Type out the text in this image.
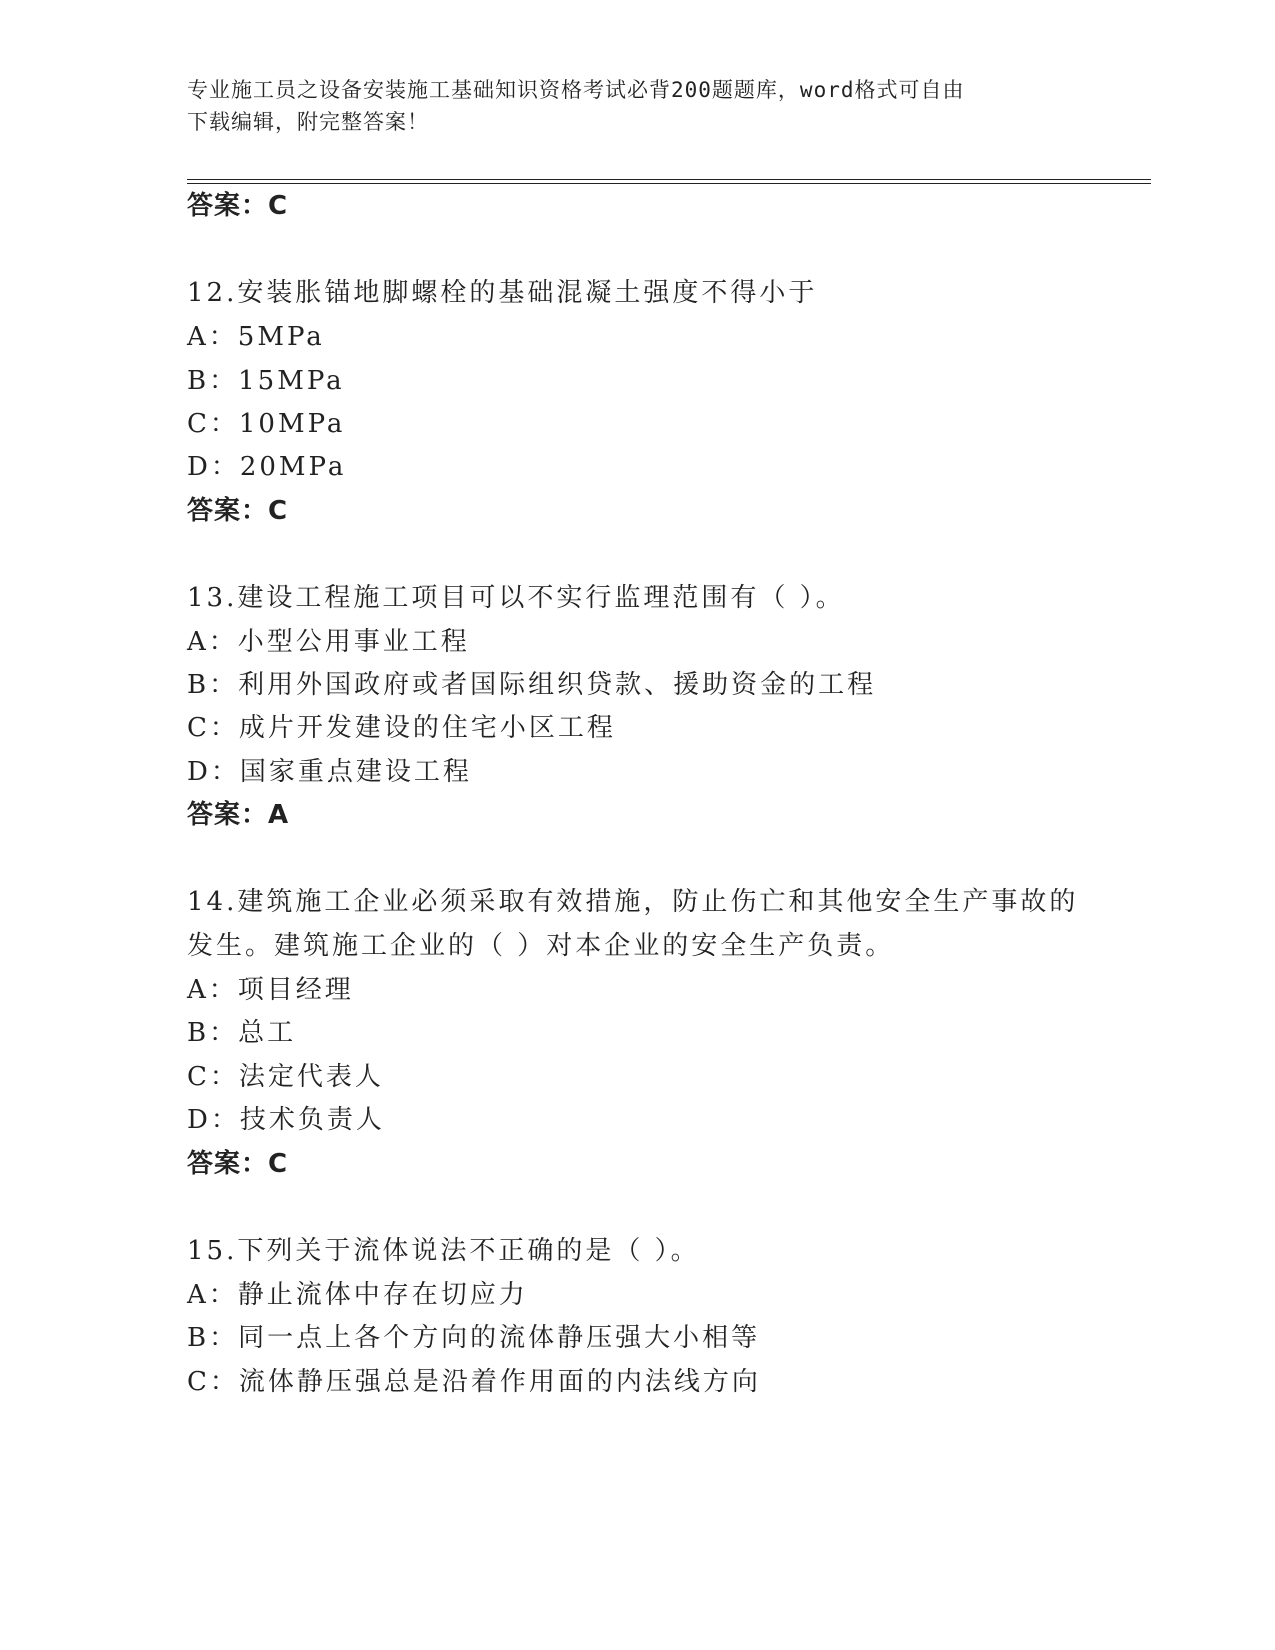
专业施工员之设备安装施工基础知识资格考试必背200题题库，word格式可自由
下载编辑，附完整答案！
答案：C
12.安装胀锚地脚螺栓的基础混凝土强度不得小于
A：5MPa
B：15MPa
C：10MPa
D：20MPa
答案：C
13.建设工程施工项目可以不实行监理范围有（ ）。
A：小型公用事业工程
B：利用外国政府或者国际组织贷款、援助资金的工程
C：成片开发建设的住宅小区工程
D：国家重点建设工程
答案：A
14.建筑施工企业必须采取有效措施，防止伤亡和其他安全生产事故的
发生。建筑施工企业的（ ）对本企业的安全生产负责。
A：项目经理
B：总工
C：法定代表人
D：技术负责人
答案：C
15.下列关于流体说法不正确的是（ ）。
A：静止流体中存在切应力
B：同一点上各个方向的流体静压强大小相等
C：流体静压强总是沿着作用面的内法线方向
